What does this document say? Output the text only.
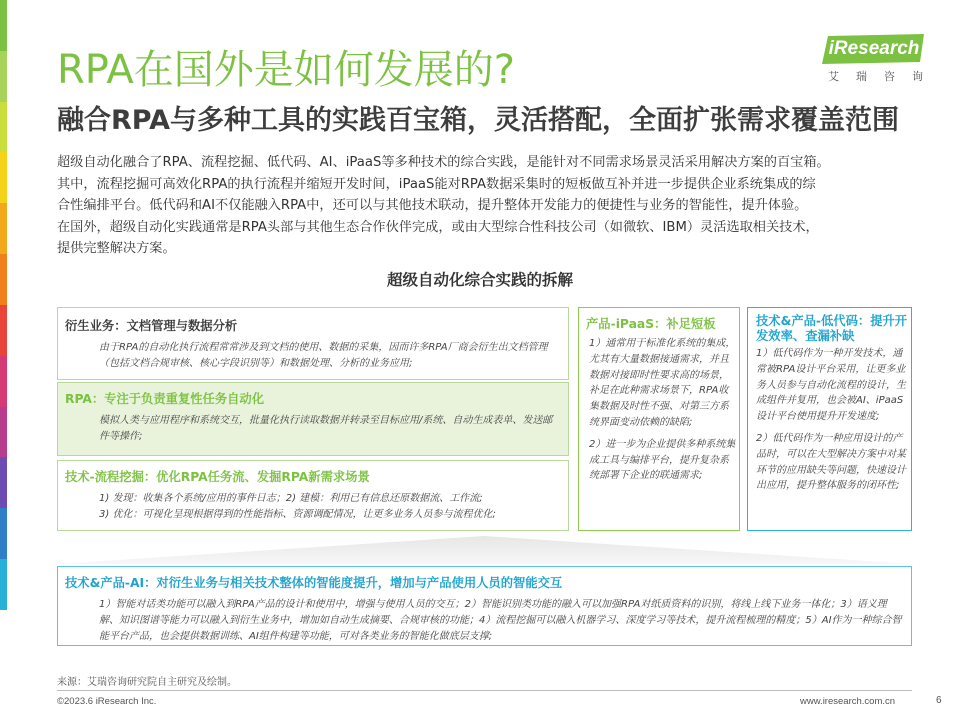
RPA在国外是如何发展的?
融合RPA与多种工具的实践百宝箱，灵活搭配，全面扩张需求覆盖范围
iResearch
艾瑞咨询

超级自动化融合了RPA、流程挖掘、低代码、AI、iPaaS等多种技术的综合实践，是能针对不同需求场景灵活采用解决方案的百宝箱。

其中，流程挖掘可高效化RPA的执行流程并缩短开发时间，iPaaS能对RPA数据采集时的短板做互补并进一步提供企业系统集成的综

合性编排平台。低代码和AI不仅能融入RPA中，还可以与其他技术联动，提升整体开发能力的便捷性与业务的智能性，提升体验。

在国外，超级自动化实践通常是RPA头部与其他生态合作伙伴完成，或由大型综合性科技公司（如微软、IBM）灵活选取相关技术，

提供完整解决方案。

超级自动化综合实践的拆解
衍生业务：文档管理与数据分析
由于RPA的自动化执行流程常常涉及到文档的使用、数据的采集，因而许多RPA厂商会衍生出文档管理（包括文档合规审核、核心字段识别等）和数据处理、分析的业务应用;
RPA：专注于负责重复性任务自动化
模拟人类与应用程序和系统交互，批量化执行读取数据并转录至目标应用/系统、自动生成表单、发送邮件等操作;
技术-流程挖掘：优化RPA任务流、发掘RPA新需求场景
1) 发现：收集各个系统/应用的事件日志；2) 建模：利用已有信息还原数据流、工作流;
3) 优化：可视化呈现根据得到的性能指标、资源调配情况，让更多业务人员参与流程优化;
产品-iPaaS：补足短板
1）通常用于标准化系统的集成，尤其有大量数据接通需求，并且数据对接即时性要求高的场景，补足在此种需求场景下，RPA收集数据及时性不强、对第三方系统界面变动依赖的缺陷;
2）进一步为企业提供多种系统集成工具与编排平台，提升复杂系统部署下企业的联通需求;
技术&产品-低代码：提升开发效率、查漏补缺
1）低代码作为一种开发技术，通常被RPA设计平台采用，让更多业务人员参与自动化流程的设计，生成组件并复用，也会被AI、iPaaS设计平台使用提升开发速度;
2）低代码作为一种应用设计的产品时，可以在大型解决方案中对某环节的应用缺失等问题，快速设计出应用，提升整体服务的闭环性;
技术&产品-AI：对衍生业务与相关技术整体的智能度提升，增加与产品使用人员的智能交互
1）智能对话类功能可以融入到RPA产品的设计和使用中，增强与使用人员的交互；2）智能识别类功能的融入可以加强RPA对纸质资料的识别，将线上线下业务一体化；3）语义理解、知识图谱等能力可以融入到衍生业务中，增加如自动生成摘要、合规审核的功能；4）流程挖掘可以融入机器学习、深度学习等技术，提升流程梳理的精度；5）AI作为一种综合智能平台产品，也会提供数据训练、AI组件构建等功能，可对各类业务的智能化做底层支撑;
来源：艾瑞咨询研究院自主研究及绘制。
©2023.6 iResearch Inc.	www.iresearch.com.cn	6
